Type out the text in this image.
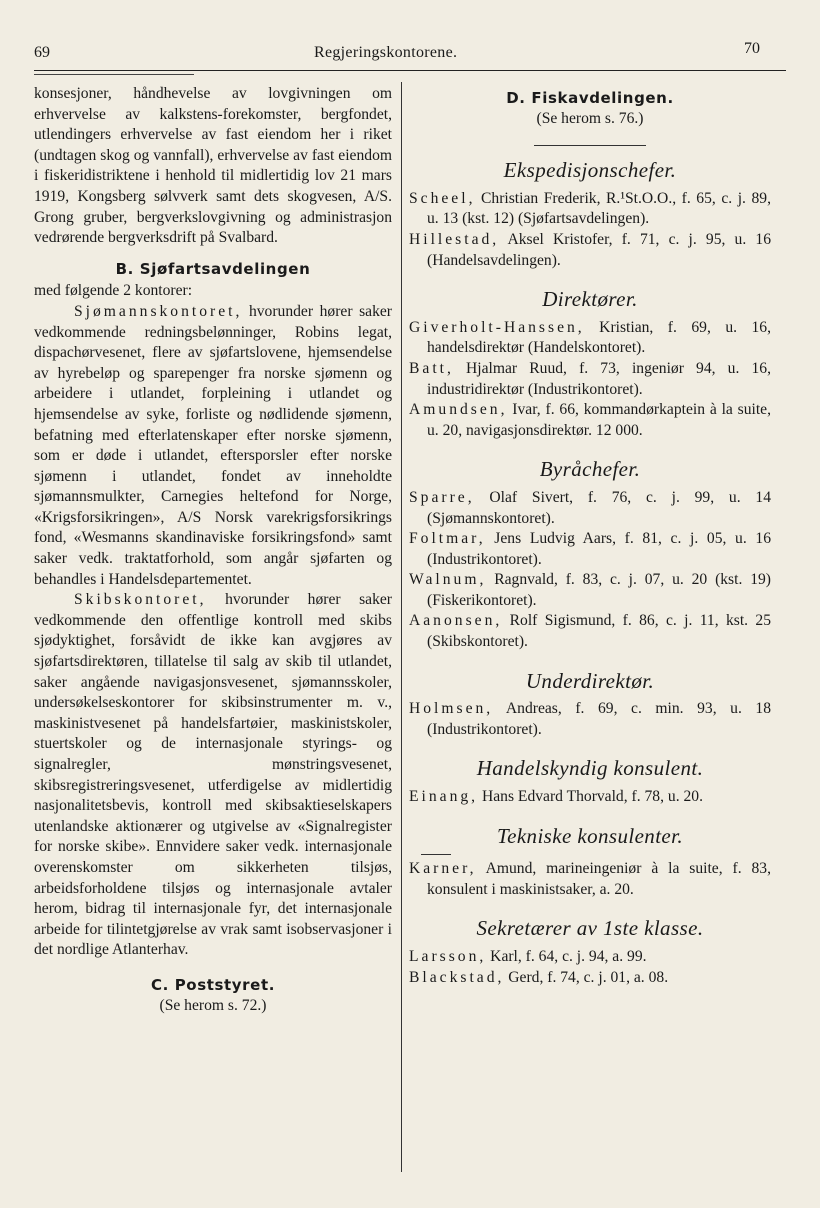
69	Regjeringskontorene.	70

konsesjoner, håndhevelse av lovgivningen om erhvervelse av kalkstens-forekomster, bergfondet, utlendingers erhvervelse av fast eiendom her i riket (undtagen skog og vannfall), erhvervelse av fast eiendom i fiskeridistriktene i henhold til midlertidig lov 21 mars 1919, Kongsberg sølvverk samt dets skogvesen, A/S. Grong gruber, bergverkslovgivning og administrasjon vedrørende bergverksdrift på Svalbard.

B. Sjøfartsavdelingen

med følgende 2 kontorer:

Sjømannskontoret, hvorunder hører saker vedkommende redningsbelønninger, Robins legat, dispachørvesenet, flere av sjøfartslovene, hjemsendelse av hyrebeløp og sparepenger fra norske sjømenn og arbeidere i utlandet, forpleining i utlandet og hjemsendelse av syke, forliste og nødlidende sjømenn, befatning med efterlatenskaper efter norske sjømenn, som er døde i utlandet, eftersporsler efter norske sjømenn i utlandet, fondet av inneholdte sjømannsmulkter, Carnegies heltefond for Norge, «Krigsforsikringen», A/S Norsk varekrigsforsikrings fond, «Wesmanns skandinaviske forsikringsfond» samt saker vedk. traktatforhold, som angår sjøfarten og behandles i Handelsdepartementet.

Skibskontoret, hvorunder hører saker vedkommende den offentlige kontroll med skibs sjødyktighet, forsåvidt de ikke kan avgjøres av sjøfartsdirektøren, tillatelse til salg av skib til utlandet, saker angående navigasjonsvesenet, sjømannsskoler, undersøkelseskontorer for skibsinstrumenter m. v., maskinistvesenet på handelsfartøier, maskinistskoler, stuertskoler og de internasjonale styrings- og signalregler, mønstringsvesenet, skibsregistreringsvesenet, utferdigelse av midlertidig nasjonalitetsbevis, kontroll med skibsaktieselskapers utenlandske aktionærer og utgivelse av «Signalregister for norske skibe». Ennvidere saker vedk. internasjonale overenskomster om sikkerheten tilsjøs, arbeidsforholdene tilsjøs og internasjonale avtaler herom, bidrag til internasjonale fyr, det internasjonale arbeide for tilintetgjørelse av vrak samt isobservasjoner i det nordlige Atlanterhav.

C. Poststyret.

(Se herom s. 72.)

D. Fiskavdelingen.

(Se herom s. 76.)

Ekspedisjonschefer.

Scheel, Christian Frederik, R.¹St.O.O., f. 65, c. j. 89, u. 13 (kst. 12) (Sjøfartsavdelingen).

Hillestad, Aksel Kristofer, f. 71, c. j. 95, u. 16 (Handelsavdelingen).

Direktører.

Giverholt-Hanssen, Kristian, f. 69, u. 16, handelsdirektør (Handelskontoret).

Batt, Hjalmar Ruud, f. 73, ingeniør 94, u. 16, industridirektør (Industrikontoret).

Amundsen, Ivar, f. 66, kommandørkaptein à la suite, u. 20, navigasjonsdirektør. 12 000.

Byråchefer.

Sparre, Olaf Sivert, f. 76, c. j. 99, u. 14 (Sjømannskontoret).

Foltmar, Jens Ludvig Aars, f. 81, c. j. 05, u. 16 (Industrikontoret).

Walnum, Ragnvald, f. 83, c. j. 07, u. 20 (kst. 19) (Fiskerikontoret).

Aanonsen, Rolf Sigismund, f. 86, c. j. 11, kst. 25 (Skibskontoret).

Underdirektør.

Holmsen, Andreas, f. 69, c. min. 93, u. 18 (Industrikontoret).

Handelskyndig konsulent.

Einang, Hans Edvard Thorvald, f. 78, u. 20.

Tekniske konsulenter.

Karner, Amund, marineingeniør à la suite, f. 83, konsulent i maskinistsaker, a. 20.

Sekretærer av 1ste klasse.

Larsson, Karl, f. 64, c. j. 94, a. 99.

Blackstad, Gerd, f. 74, c. j. 01, a. 08.
